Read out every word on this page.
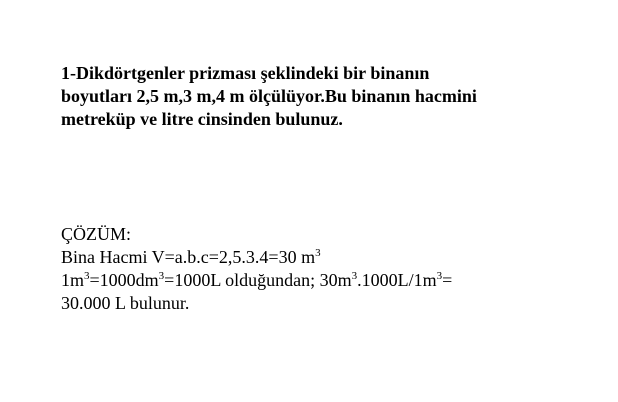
1-Dikdörtgenler prizması şeklindeki bir binanın
boyutları 2,5 m,3 m,4 m ölçülüyor.Bu binanın hacmini
metreküp ve litre cinsinden bulunuz.
ÇÖZÜM:
Bina Hacmi V=a.b.c=2,5.3.4=30 $m^3$
$1m^3=1000dm^3=1000L$ olduğundan; $30m^3.1000L/1m^3=$
30.000 L bulunur.
